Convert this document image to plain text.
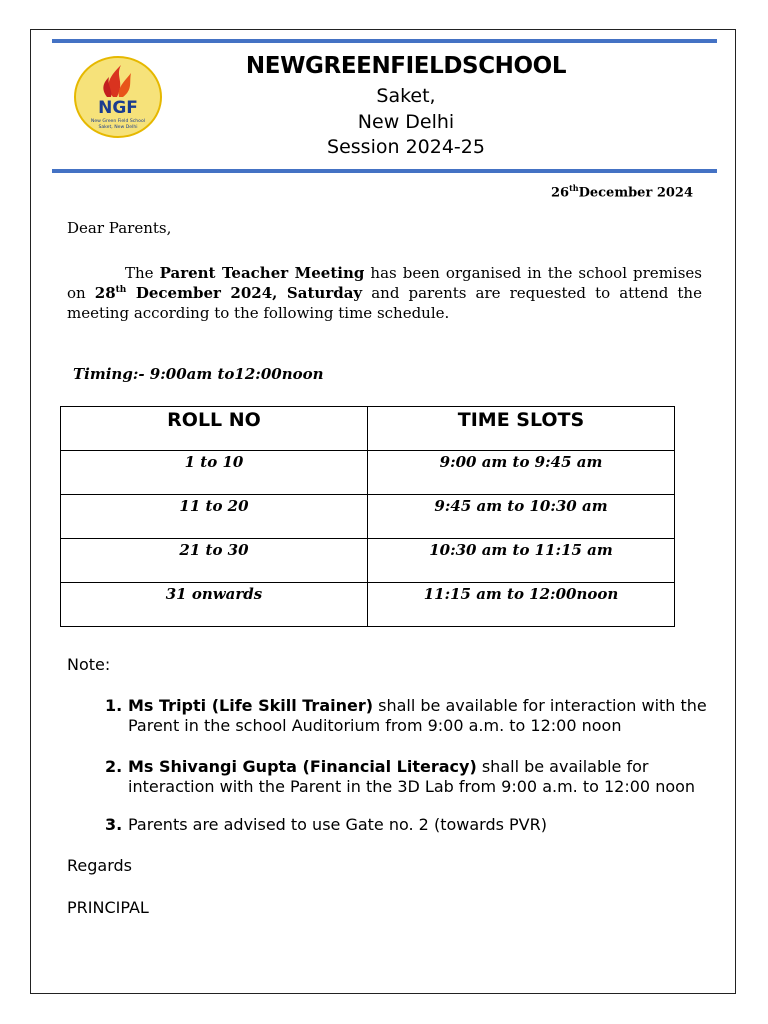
NGF
New Green Field School
Saket, New Delhi
NEWGREENFIELDSCHOOL
Saket,
New Delhi
Session 2024-25
26thDecember 2024
Dear Parents,
The Parent Teacher Meeting has been organised in the school premises on 28th December 2024, Saturday and parents are requested to attend the meeting according to the following time schedule.
Timing:- 9:00am to12:00noon
ROLL NO	TIME SLOTS
1 to 10	9:00 am to 9:45 am
11 to 20	9:45 am to 10:30 am
21 to 30	10:30 am to 11:15 am
31 onwards	11:15 am to 12:00noon
Note:
1. Ms Tripti (Life Skill Trainer) shall be available for interaction with the Parent in the school Auditorium from 9:00 a.m. to 12:00 noon
2. Ms Shivangi Gupta (Financial Literacy) shall be available for interaction with the Parent in the 3D Lab from 9:00 a.m. to 12:00 noon
3. Parents are advised to use Gate no. 2 (towards PVR)
Regards
PRINCIPAL
